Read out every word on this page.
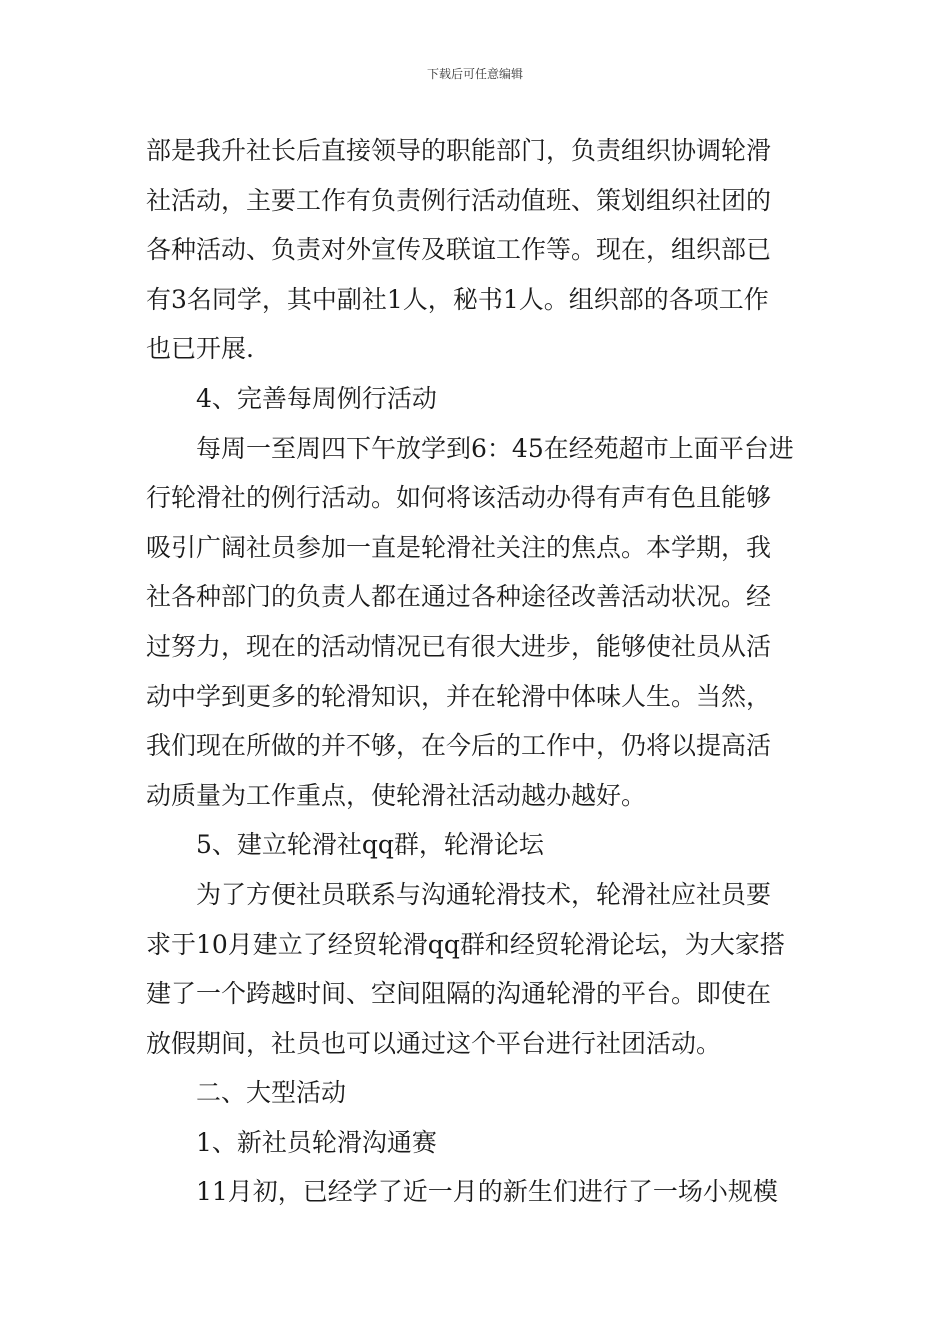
下载后可任意编辑
部是我升社长后直接领导的职能部门，负责组织协调轮滑
社活动，主要工作有负责例行活动值班、策划组织社团的
各种活动、负责对外宣传及联谊工作等。现在，组织部已
有3名同学，其中副社1人，秘书1人。组织部的各项工作
也已开展.
4、完善每周例行活动
每周一至周四下午放学到6：45在经苑超市上面平台进
行轮滑社的例行活动。如何将该活动办得有声有色且能够
吸引广阔社员参加一直是轮滑社关注的焦点。本学期，我
社各种部门的负责人都在通过各种途径改善活动状况。经
过努力，现在的活动情况已有很大进步，能够使社员从活
动中学到更多的轮滑知识，并在轮滑中体味人生。当然，
我们现在所做的并不够，在今后的工作中，仍将以提高活
动质量为工作重点，使轮滑社活动越办越好。
5、建立轮滑社qq群，轮滑论坛
为了方便社员联系与沟通轮滑技术，轮滑社应社员要
求于10月建立了经贸轮滑qq群和经贸轮滑论坛，为大家搭
建了一个跨越时间、空间阻隔的沟通轮滑的平台。即使在
放假期间，社员也可以通过这个平台进行社团活动。
二、大型活动
1、新社员轮滑沟通赛
11月初，已经学了近一月的新生们进行了一场小规模
